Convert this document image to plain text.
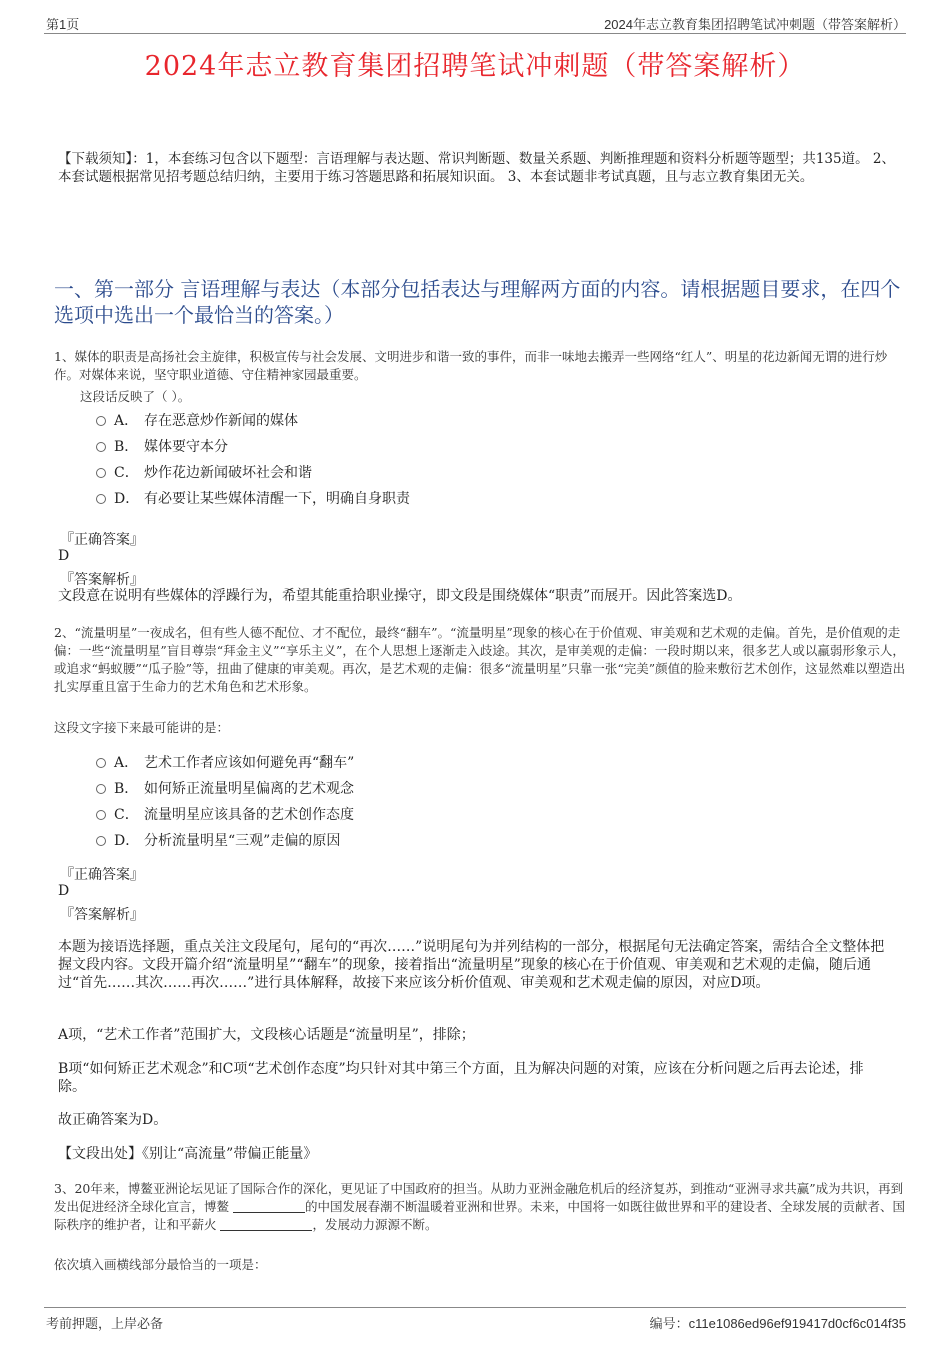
第1页	2024年志立教育集团招聘笔试冲刺题（带答案解析）
2024年志立教育集团招聘笔试冲刺题（带答案解析）
【下载须知】：1，本套练习包含以下题型：言语理解与表达题、常识判断题、数量关系题、判断推理题和资料分析题等题型；共135道。 2、本套试题根据常见招考题总结归纳，主要用于练习答题思路和拓展知识面。 3、本套试题非考试真题，且与志立教育集团无关。
一、第一部分 言语理解与表达（本部分包括表达与理解两方面的内容。请根据题目要求，在四个选项中选出一个最恰当的答案。）
1、媒体的职责是高扬社会主旋律，积极宣传与社会发展、文明进步和谐一致的事件，而非一味地去搬弄一些网络“红人”、明星的花边新闻无谓的进行炒作。对媒体来说，坚守职业道德、守住精神家园最重要。
这段话反映了（ ）。
A． 存在恶意炒作新闻的媒体
B． 媒体要守本分
C． 炒作花边新闻破坏社会和谐
D． 有必要让某些媒体清醒一下，明确自身职责
『正确答案』
D
『答案解析』
文段意在说明有些媒体的浮躁行为，希望其能重拾职业操守，即文段是围绕媒体“职责”而展开。因此答案选D。
2、“流量明星”一夜成名，但有些人德不配位、才不配位，最终“翻车”。“流量明星”现象的核心在于价值观、审美观和艺术观的走偏。首先，是价值观的走偏：一些“流量明星”盲目尊崇“拜金主义”“享乐主义”，在个人思想上逐渐走入歧途。其次，是审美观的走偏：一段时期以来，很多艺人或以羸弱形象示人，或追求“蚂蚁腰”“瓜子脸”等，扭曲了健康的审美观。再次，是艺术观的走偏：很多“流量明星”只靠一张“完美”颜值的脸来敷衍艺术创作，这显然难以塑造出扎实厚重且富于生命力的艺术角色和艺术形象。
这段文字接下来最可能讲的是：
A． 艺术工作者应该如何避免再“翻车”
B． 如何矫正流量明星偏离的艺术观念
C． 流量明星应该具备的艺术创作态度
D． 分析流量明星“三观”走偏的原因
『正确答案』
D
『答案解析』
本题为接语选择题，重点关注文段尾句，尾句的“再次……”说明尾句为并列结构的一部分，根据尾句无法确定答案，需结合全文整体把握文段内容。文段开篇介绍“流量明星”“翻车”的现象，接着指出“流量明星”现象的核心在于价值观、审美观和艺术观的走偏，随后通过“首先……其次……再次……”进行具体解释，故接下来应该分析价值观、审美观和艺术观走偏的原因，对应D项。
A项，“艺术工作者”范围扩大，文段核心话题是“流量明星”，排除；
B项“如何矫正艺术观念”和C项“艺术创作态度”均只针对其中第三个方面，且为解决问题的对策，应该在分析问题之后再去论述，排除。
故正确答案为D。
【文段出处】《别让“高流量”带偏正能量》
3、20年来，博鳌亚洲论坛见证了国际合作的深化，更见证了中国政府的担当。从助力亚洲金融危机后的经济复苏，到推动“亚洲寻求共赢”成为共识，再到发出促进经济全球化宣言，博鳌	的中国发展春潮不断温暖着亚洲和世界。未来，中国将一如既往做世界和平的建设者、全球发展的贡献者、国际秩序的维护者，让和平薪火	，发展动力源源不断。
依次填入画横线部分最恰当的一项是：
考前押题，上岸必备	编号：c11e1086ed96ef919417d0cf6c014f35
